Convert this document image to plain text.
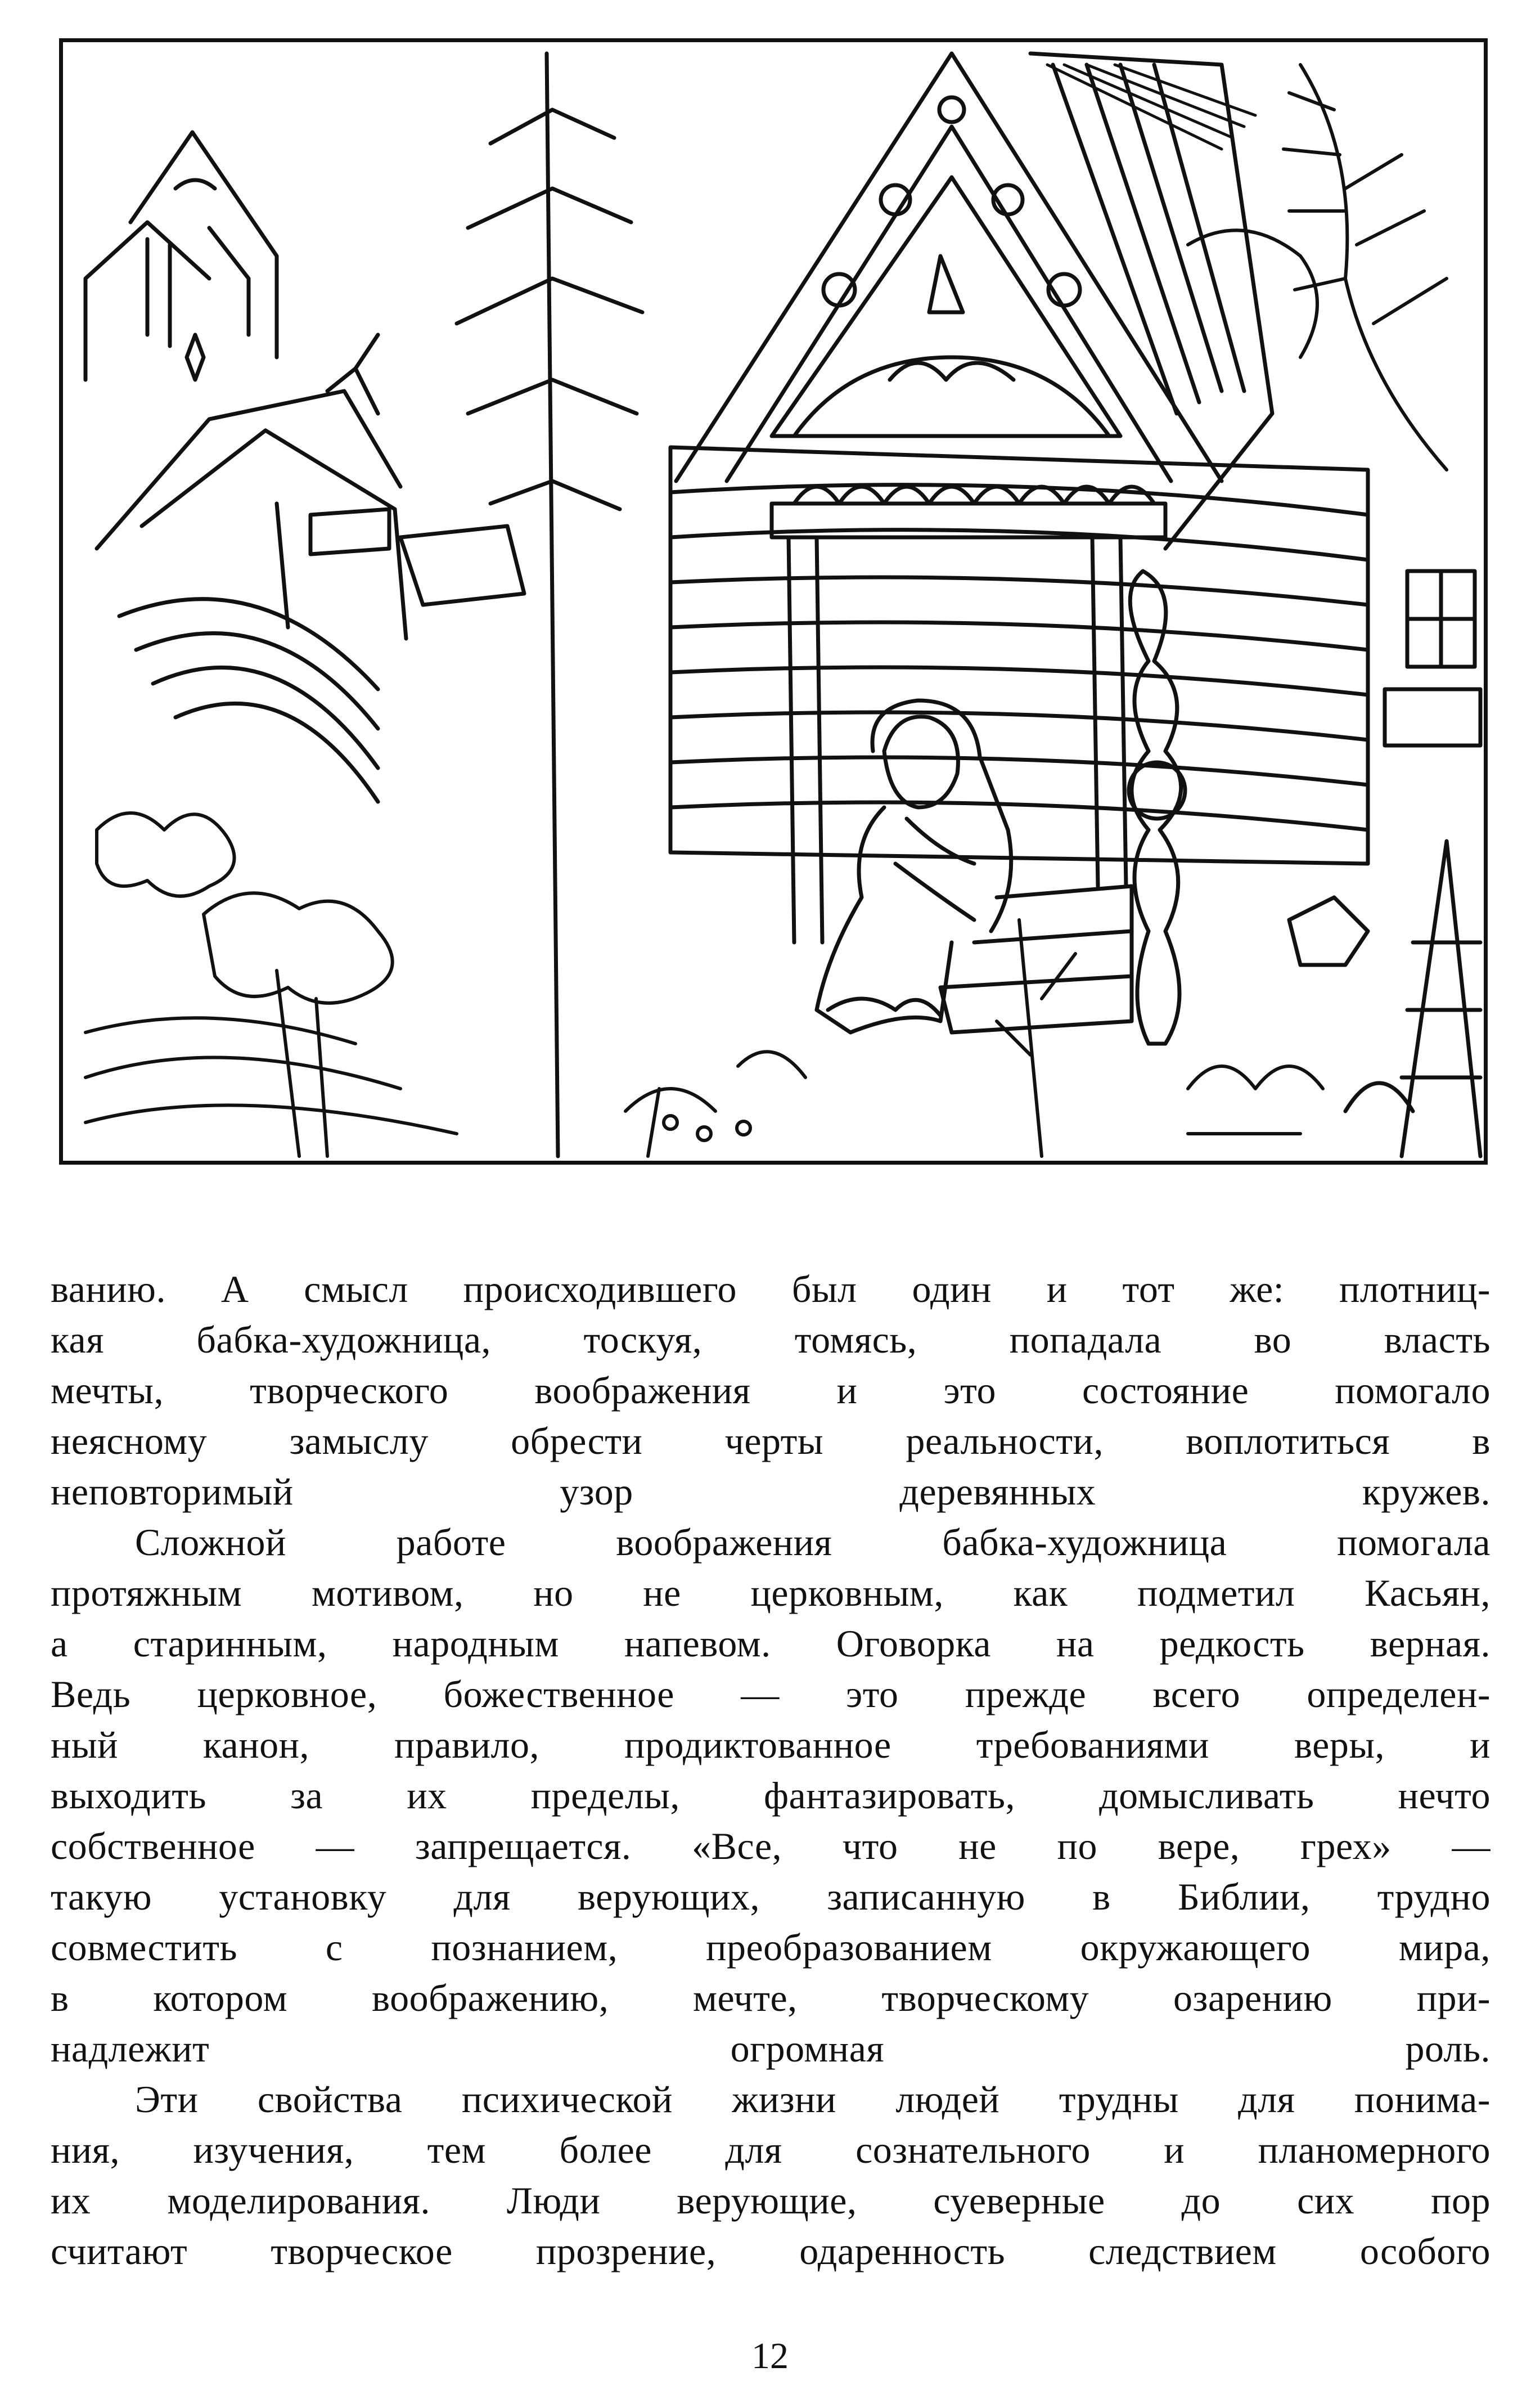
ванию. А смысл происходившего был один и тот же: плотниц-
кая бабка-художница, тоскуя, томясь, попадала во власть
мечты, творческого воображения и это состояние помогало
неясному замыслу обрести черты реальности, воплотиться в
неповторимый узор деревянных кружев.

Сложной работе воображения бабка-художница помогала
протяжным мотивом, но не церковным, как подметил Касьян,
а старинным, народным напевом. Оговорка на редкость верная.
Ведь церковное, божественное — это прежде всего определен-
ный канон, правило, продиктованное требованиями веры, и
выходить за их пределы, фантазировать, домысливать нечто
собственное — запрещается. «Все, что не по вере, грех» —
такую установку для верующих, записанную в Библии, трудно
совместить с познанием, преобразованием окружающего мира,
в котором воображению, мечте, творческому озарению при-
надлежит огромная роль.

Эти свойства психической жизни людей трудны для понима-
ния, изучения, тем более для сознательного и планомерного
их моделирования. Люди верующие, суеверные до сих пор
считают творческое прозрение, одаренность следствием особого

12
